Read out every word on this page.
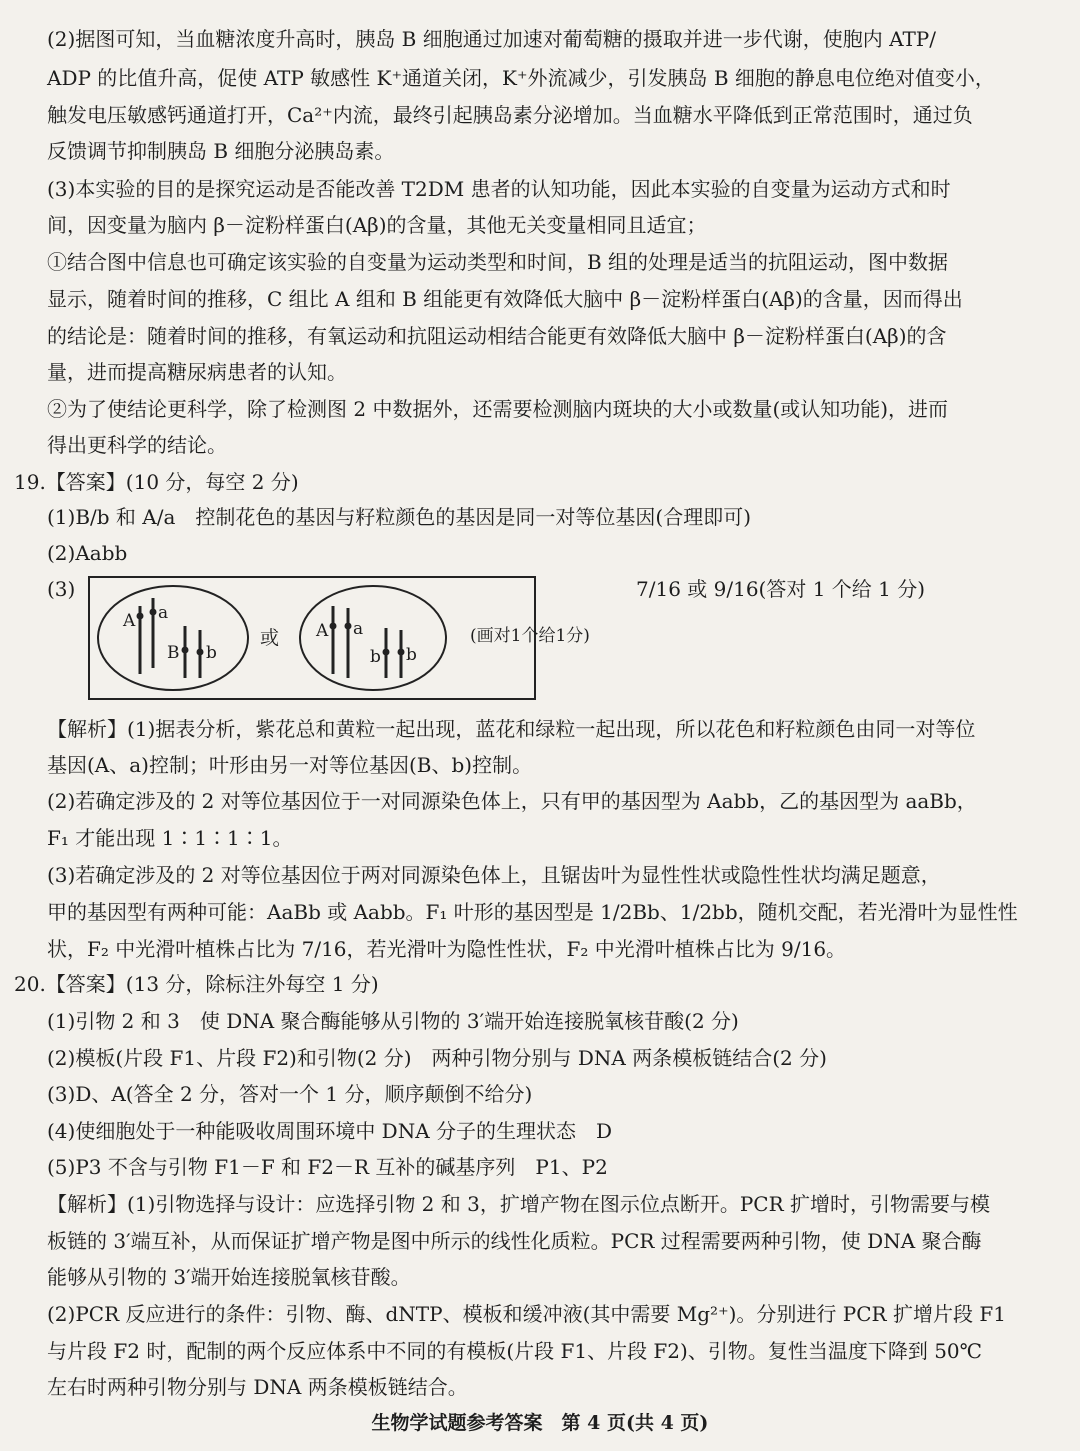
(2)据图可知，当血糖浓度升高时，胰岛 B 细胞通过加速对葡萄糖的摄取并进一步代谢，使胞内 ATP/
ADP 的比值升高，促使 ATP 敏感性 K⁺通道关闭，K⁺外流减少，引发胰岛 B 细胞的静息电位绝对值变小，
触发电压敏感钙通道打开，Ca²⁺内流，最终引起胰岛素分泌增加。当血糖水平降低到正常范围时，通过负
反馈调节抑制胰岛 B 细胞分泌胰岛素。
(3)本实验的目的是探究运动是否能改善 T2DM 患者的认知功能，因此本实验的自变量为运动方式和时
间，因变量为脑内 β－淀粉样蛋白(Aβ)的含量，其他无关变量相同且适宜；
①结合图中信息也可确定该实验的自变量为运动类型和时间，B 组的处理是适当的抗阻运动，图中数据
显示，随着时间的推移，C 组比 A 组和 B 组能更有效降低大脑中 β－淀粉样蛋白(Aβ)的含量，因而得出
的结论是：随着时间的推移，有氧运动和抗阻运动相结合能更有效降低大脑中 β－淀粉样蛋白(Aβ)的含
量，进而提高糖尿病患者的认知。
②为了使结论更科学，除了检测图 2 中数据外，还需要检测脑内斑块的大小或数量(或认知功能)，进而
得出更科学的结论。
19.【答案】(10 分，每空 2 分)
(1)B/b 和 A/a　控制花色的基因与籽粒颜色的基因是同一对等位基因(合理即可)
(2)Aabb
(3)
A a
B b
或 A a
b b
(画对1个给1分)
7/16 或 9/16(答对 1 个给 1 分)
【解析】(1)据表分析，紫花总和黄粒一起出现，蓝花和绿粒一起出现，所以花色和籽粒颜色由同一对等位
基因(A、a)控制；叶形由另一对等位基因(B、b)控制。
(2)若确定涉及的 2 对等位基因位于一对同源染色体上，只有甲的基因型为 Aabb，乙的基因型为 aaBb，
F₁ 才能出现 1∶1∶1∶1。
(3)若确定涉及的 2 对等位基因位于两对同源染色体上，且锯齿叶为显性性状或隐性性状均满足题意，
甲的基因型有两种可能：AaBb 或 Aabb。F₁ 叶形的基因型是 1/2Bb、1/2bb，随机交配，若光滑叶为显性性
状，F₂ 中光滑叶植株占比为 7/16，若光滑叶为隐性性状，F₂ 中光滑叶植株占比为 9/16。
20.【答案】(13 分，除标注外每空 1 分)
(1)引物 2 和 3　使 DNA 聚合酶能够从引物的 3′端开始连接脱氧核苷酸(2 分)
(2)模板(片段 F1、片段 F2)和引物(2 分)　两种引物分别与 DNA 两条模板链结合(2 分)
(3)D、A(答全 2 分，答对一个 1 分，顺序颠倒不给分)
(4)使细胞处于一种能吸收周围环境中 DNA 分子的生理状态　D
(5)P3 不含与引物 F1－F 和 F2－R 互补的碱基序列　P1、P2
【解析】(1)引物选择与设计：应选择引物 2 和 3，扩增产物在图示位点断开。PCR 扩增时，引物需要与模
板链的 3′端互补，从而保证扩增产物是图中所示的线性化质粒。PCR 过程需要两种引物，使 DNA 聚合酶
能够从引物的 3′端开始连接脱氧核苷酸。
(2)PCR 反应进行的条件：引物、酶、dNTP、模板和缓冲液(其中需要 Mg²⁺)。分别进行 PCR 扩增片段 F1
与片段 F2 时，配制的两个反应体系中不同的有模板(片段 F1、片段 F2)、引物。复性当温度下降到 50℃
左右时两种引物分别与 DNA 两条模板链结合。
生物学试题参考答案　第 4 页(共 4 页)
